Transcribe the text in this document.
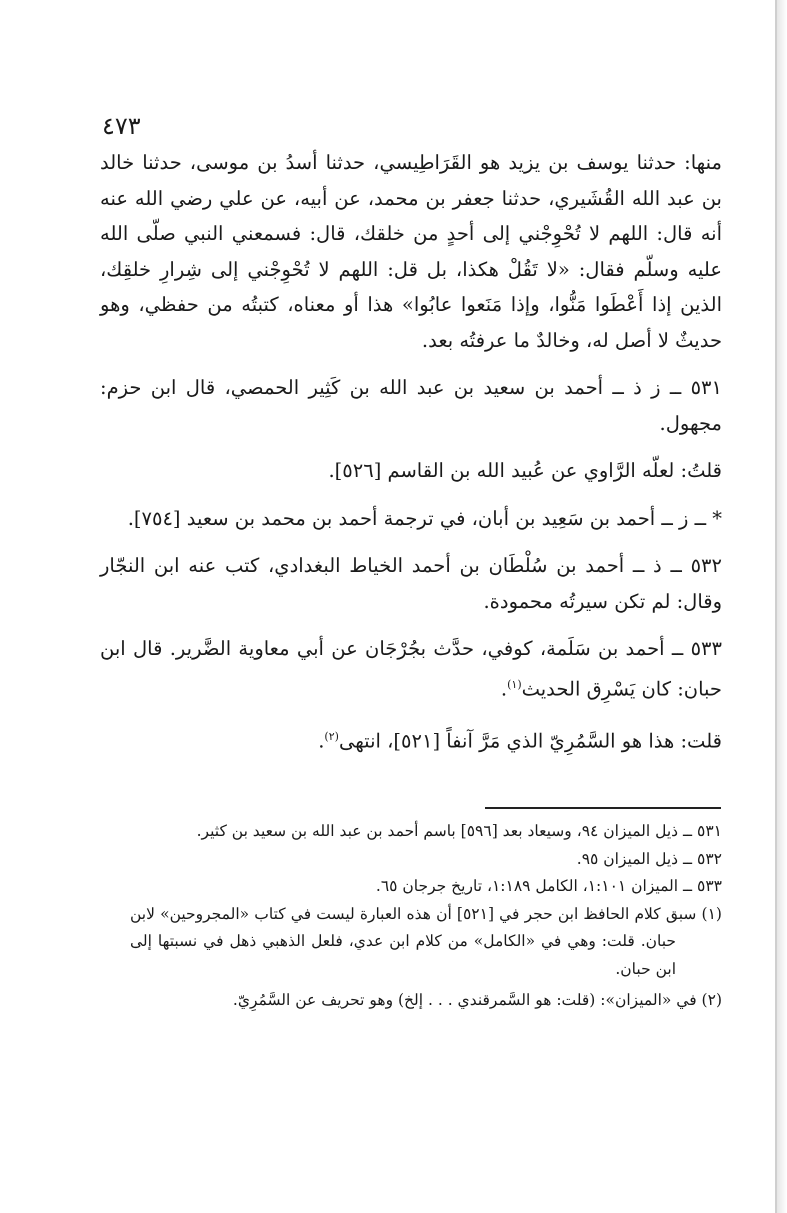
٤٧٣

منها: حدثنا يوسف بن يزيد هو القَرَاطِيسي، حدثنا أسدُ بن موسى، حدثنا خالد بن عبد الله القُشَيري، حدثنا جعفر بن محمد، عن أبيه، عن علي رضي الله عنه أنه قال: اللهم لا تُحْوِجْني إلى أحدٍ من خلقك، قال: فسمعني النبي صلّى الله عليه وسلّم فقال: «لا تَقُلْ هكذا، بل قل: اللهم لا تُحْوِجْني إلى شِرارِ خلقِك، الذين إذا أَعْطَوا مَنُّوا، وإذا مَنَعوا عابُوا» هذا أو معناه، كتبتُه من حفظي، وهو حديثٌ لا أصل له، وخالدٌ ما عرفتُه بعد.

٥٣١ ــ ز ذ ــ أحمد بن سعيد بن عبد الله بن كَثِير الحمصي، قال ابن حزم: مجهول.

قلتُ: لعلّه الرَّاوي عن عُبيد الله بن القاسم [٥٢٦].

* ــ ز ــ أحمد بن سَعِيد بن أبان، في ترجمة أحمد بن محمد بن سعيد [٧٥٤].

٥٣٢ ــ ذ ــ أحمد بن سُلْطَان بن أحمد الخياط البغدادي، كتب عنه ابن النجّار وقال: لم تكن سيرتُه محمودة.

٥٣٣ ــ أحمد بن سَلَمة، كوفي، حدَّث بجُرْجَان عن أبي معاوية الضَّرير. قال ابن حبان: كان يَسْرِق الحديث$^{(١)}$.

قلت: هذا هو السَّمُرِيّ الذي مَرَّ آنفاً [٥٢١]، انتهى$^{(٢)}$.

٥٣١ ــ ذيل الميزان ٩٤، وسيعاد بعد [٥٩٦] باسم أحمد بن عبد الله بن سعيد بن كثير.

٥٣٢ ــ ذيل الميزان ٩٥.

٥٣٣ ــ الميزان ١:١٠١، الكامل ١:١٨٩، تاريخ جرجان ٦٥.

(١) سبق كلام الحافظ ابن حجر في [٥٢١] أن هذه العبارة ليست في كتاب «المجروحين» لابن حبان. قلت: وهي في «الكامل» من كلام ابن عدي، فلعل الذهبي ذهل في نسبتها إلى ابن حبان.

(٢) في «الميزان»: (قلت: هو السَّمرقندي . . . إلخ) وهو تحريف عن السَّمُرِيّ.
